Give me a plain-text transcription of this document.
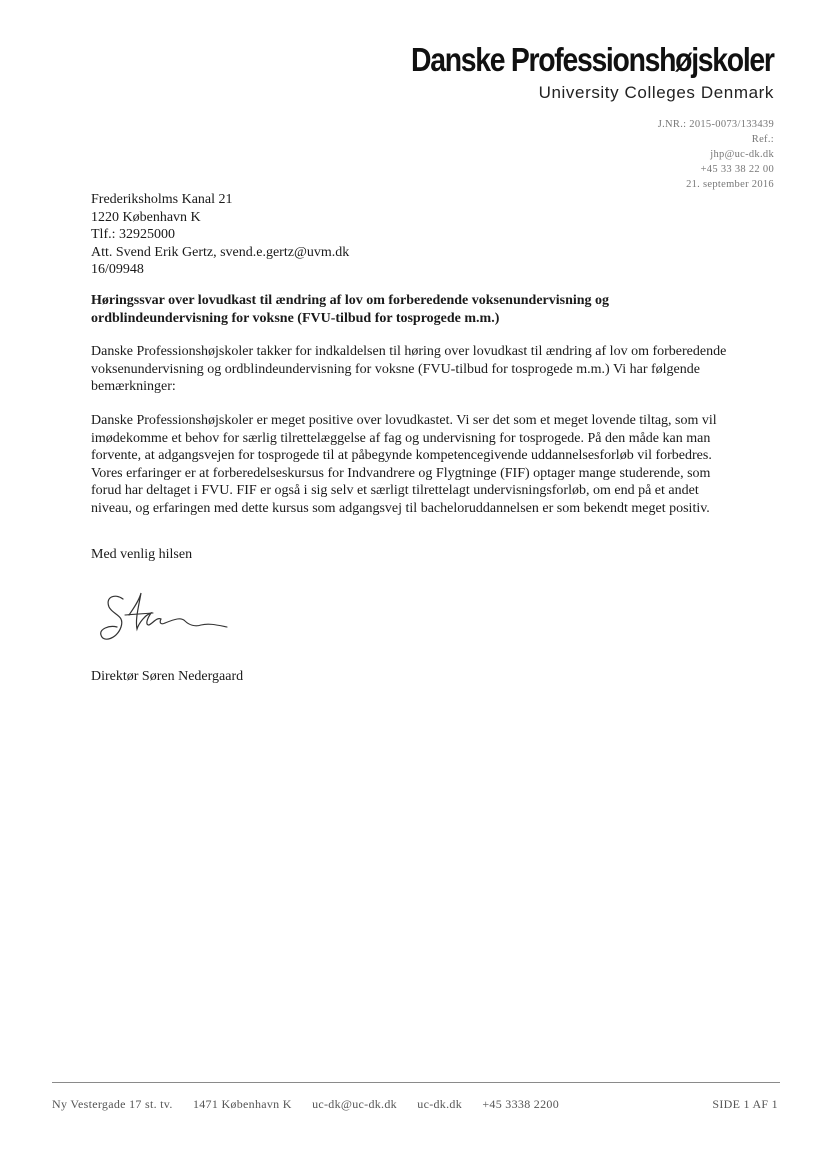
Danske Professionshøjskoler
University Colleges Denmark
J.NR.: 2015-0073/133439
Ref.:
jhp@uc-dk.dk
+45 33 38 22 00
21. september 2016
Frederiksholms Kanal 21
1220 København K
Tlf.: 32925000
Att. Svend Erik Gertz, svend.e.gertz@uvm.dk
16/09948
Høringssvar over lovudkast til ændring af lov om forberedende voksenundervisning og ordblindeundervisning for voksne (FVU-tilbud for tosprogede m.m.)
Danske Professionshøjskoler takker for indkaldelsen til høring over lovudkast til ændring af lov om forberedende voksenundervisning og ordblindeundervisning for voksne (FVU-tilbud for tosprogede m.m.) Vi har følgende bemærkninger:
Danske Professionshøjskoler er meget positive over lovudkastet. Vi ser det som et meget lovende tiltag, som vil imødekomme et behov for særlig tilrettelæggelse af fag og undervisning for tosprogede. På den måde kan man forvente, at adgangsvejen for tosprogede til at påbegynde kompetencegivende uddannelsesforløb vil forbedres. Vores erfaringer er at forberedelseskursus for Indvandrere og Flygtninge (FIF) optager mange studerende, som forud har deltaget i FVU. FIF er også i sig selv et særligt tilrettelagt undervisningsforløb, om end på et andet niveau, og erfaringen med dette kursus som adgangsvej til bacheloruddannelsen er som bekendt meget positiv.
Med venlig hilsen
Direktør Søren Nedergaard
Ny Vestergade 17 st. tv. 1471 København K uc-dk@uc-dk.dk uc-dk.dk +45 3338 2200	SIDE 1 AF 1
